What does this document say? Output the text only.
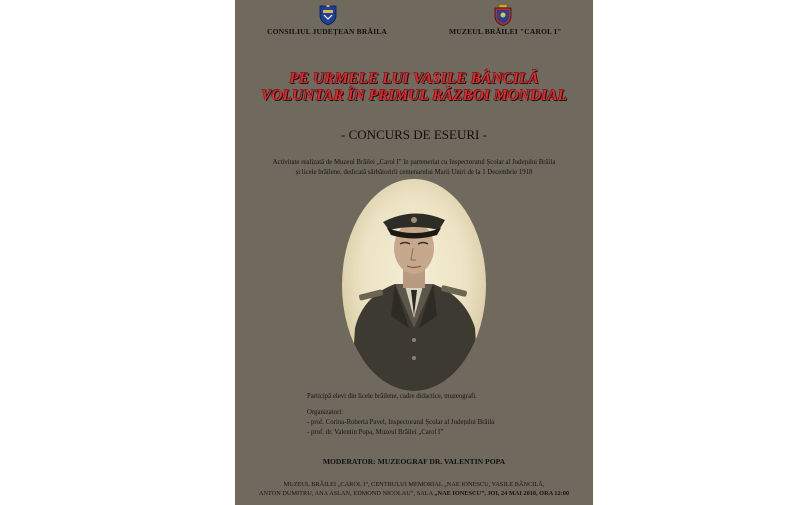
CONSILIUL JUDEȚEAN BRĂILA	MUZEUL BRĂILEI "CAROL I"
PE URMELE LUI VASILE BÂNCILĂ
VOLUNTAR ÎN PRIMUL RĂZBOI MONDIAL
- CONCURS DE ESEURI -
Activitate realizată de Muzeul Brăilei „Carol I” în parteneriat cu Inspectoratul Școlar al Județului Brăila
și licele brăilene, dedicată sărbătoririi centenarului Marii Uniri de la 1 Decembrie 1918
Participă elevi din licele brăilene, cadre didactice, muzeografi.
Organizatori:
- prof. Corina-Roberta Pavel, Inspectoratul Școlar al Județului Brăila
- prof. dr. Valentin Popa, Muzeul Brăilei „Carol I”
MODERATOR: MUZEOGRAF DR. VALENTIN POPA
MUZEUL BRĂILEI „CAROL I”, CENTRULUI MEMORIAL „NAE IONESCU, VASILE BĂNCILĂ,
ANTON DUMITRU, ANA ASLAN, EDMOND NICOLAU”, SALA „NAE IONESCU”, JOI, 24 MAI 2018, ORA 12:00
